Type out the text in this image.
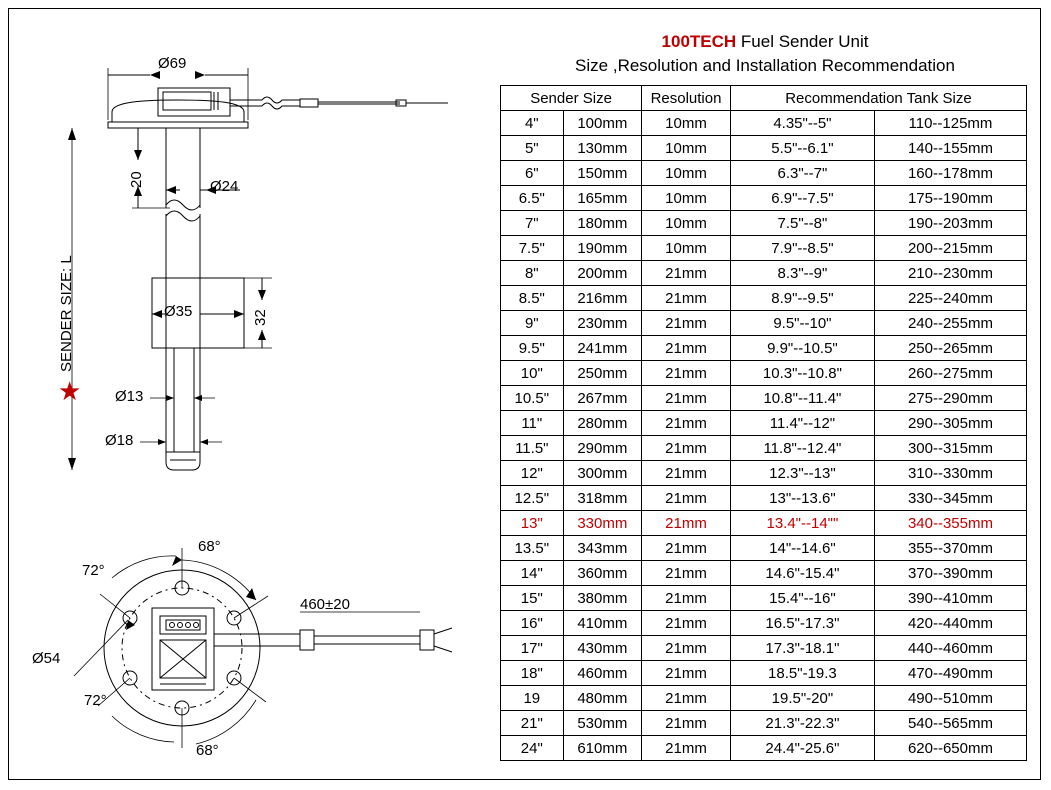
100TECH Fuel Sender Unit
Size ,Resolution and Installation Recommendation
Sender Size		Resolution	Recommendation Tank Size	
4"	100mm	10mm	4.35"--5"	110--125mm
5"	130mm	10mm	5.5"--6.1"	140--155mm
6"	150mm	10mm	6.3"--7"	160--178mm
6.5"	165mm	10mm	6.9"--7.5"	175--190mm
7"	180mm	10mm	7.5"--8"	190--203mm
7.5"	190mm	10mm	7.9"--8.5"	200--215mm
8"	200mm	21mm	8.3"--9"	210--230mm
8.5"	216mm	21mm	8.9"--9.5"	225--240mm
9"	230mm	21mm	9.5"--10"	240--255mm
9.5"	241mm	21mm	9.9"--10.5"	250--265mm
10"	250mm	21mm	10.3"--10.8"	260--275mm
10.5"	267mm	21mm	10.8"--11.4"	275--290mm
11"	280mm	21mm	11.4"--12"	290--305mm
11.5"	290mm	21mm	11.8"--12.4"	300--315mm
12"	300mm	21mm	12.3"--13"	310--330mm
12.5"	318mm	21mm	13"--13.6"	330--345mm
13"	330mm	21mm	13.4"--14""	340--355mm
13.5"	343mm	21mm	14"--14.6"	355--370mm
14"	360mm	21mm	14.6"-15.4"	370--390mm
15"	380mm	21mm	15.4"--16"	390--410mm
16"	410mm	21mm	16.5"-17.3"	420--440mm
17"	430mm	21mm	17.3"-18.1"	440--460mm
18"	460mm	21mm	18.5"-19.3	470--490mm
19	480mm	21mm	19.5"-20"	490--510mm
21"	530mm	21mm	21.3"-22.3"	540--565mm
24"	610mm	21mm	24.4"-25.6"	620--650mm
Ø69
Ø24
20
Ø35	32
Ø13
Ø18
★
SENDER SIZE: L
68°
72°
72°
68°
Ø54
460±20
